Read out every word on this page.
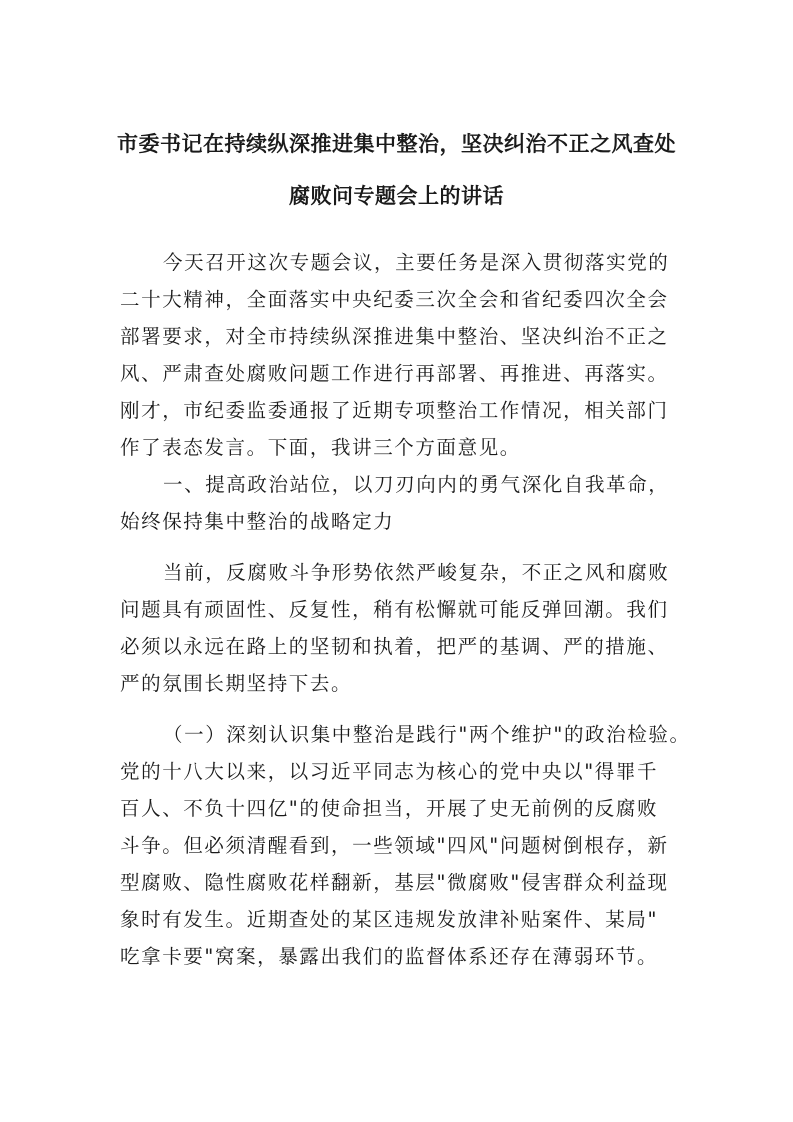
市委书记在持续纵深推进集中整治，坚决纠治不正之风查处
腐败问专题会上的讲话
今天召开这次专题会议，主要任务是深入贯彻落实党的
二十大精神，全面落实中央纪委三次全会和省纪委四次全会
部署要求，对全市持续纵深推进集中整治、坚决纠治不正之
风、严肃查处腐败问题工作进行再部署、再推进、再落实。
刚才，市纪委监委通报了近期专项整治工作情况，相关部门
作了表态发言。下面，我讲三个方面意见。
一、提高政治站位，以刀刃向内的勇气深化自我革命，
始终保持集中整治的战略定力
当前，反腐败斗争形势依然严峻复杂，不正之风和腐败
问题具有顽固性、反复性，稍有松懈就可能反弹回潮。我们
必须以永远在路上的坚韧和执着，把严的基调、严的措施、
严的氛围长期坚持下去。
（一）深刻认识集中整治是践行"两个维护"的政治检验。
党的十八大以来，以习近平同志为核心的党中央以"得罪千
百人、不负十四亿"的使命担当，开展了史无前例的反腐败
斗争。但必须清醒看到，一些领域"四风"问题树倒根存，新
型腐败、隐性腐败花样翻新，基层"微腐败"侵害群众利益现
象时有发生。近期查处的某区违规发放津补贴案件、某局"
吃拿卡要"窝案，暴露出我们的监督体系还存在薄弱环节。
